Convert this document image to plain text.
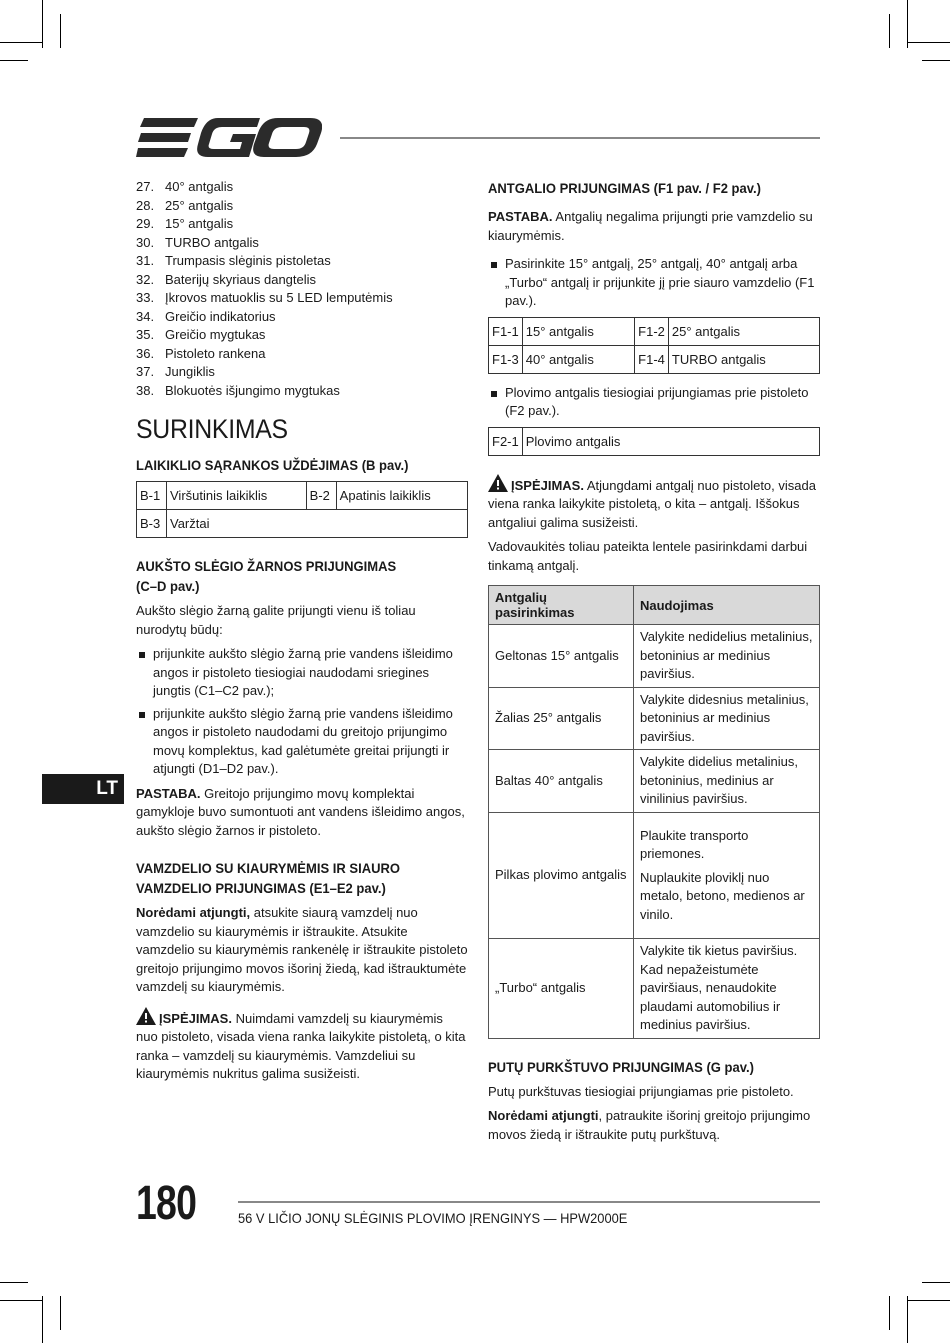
27. 40° antgalis
28. 25° antgalis
29. 15° antgalis
30. TURBO antgalis
31. Trumpasis slėginis pistoletas
32. Baterijų skyriaus dangtelis
33. Įkrovos matuoklis su 5 LED lemputėmis
34. Greičio indikatorius
35. Greičio mygtukas
36. Pistoleto rankena
37. Jungiklis
38. Blokuotės išjungimo mygtukas
SURINKIMAS
LAIKIKLIO SĄRANKOS UŽDĖJIMAS (B pav.)
B-1	Viršutinis laikiklis	B-2	Apatinis laikiklis
B-3	Varžtai		
AUKŠTO SLĖGIO ŽARNOS PRIJUNGIMAS
(C–D pav.)

Aukšto slėgio žarną galite prijungti vienu iš toliau nurodytų būdų:

prijunkite aukšto slėgio žarną prie vandens išleidimo angos ir pistoleto tiesiogiai naudodami sriegines jungtis (C1–C2 pav.);
prijunkite aukšto slėgio žarną prie vandens išleidimo angos ir pistoleto naudodami du greitojo prijungimo movų komplektus, kad galėtumėte greitai prijungti ir atjungti (D1–D2 pav.).

PASTABA. Greitojo prijungimo movų komplektai gamykloje buvo sumontuoti ant vandens išleidimo angos, aukšto slėgio žarnos ir pistoleto.

VAMZDELIO SU KIAURYMĖMIS IR SIAURO
VAMZDELIO PRIJUNGIMAS (E1–E2 pav.)

Norėdami atjungti, atsukite siaurą vamzdelį nuo vamzdelio su kiaurymėmis ir ištraukite. Atsukite vamzdelio su kiaurymėmis rankenėlę ir ištraukite pistoleto greitojo prijungimo movos išorinį žiedą, kad ištrauktumėte vamzdelį su kiaurymėmis.

ĮSPĖJIMAS. Nuimdami vamzdelį su kiaurymėmis nuo pistoleto, visada viena ranka laikykite pistoletą, o kita ranka – vamzdelį su kiaurymėmis. Vamzdeliui su kiaurymėmis nukritus galima susižeisti.

ANTGALIO PRIJUNGIMAS (F1 pav. / F2 pav.)

PASTABA. Antgalių negalima prijungti prie vamzdelio su kiaurymėmis.

Pasirinkite 15° antgalį, 25° antgalį, 40° antgalį arba „Turbo“ antgalį ir prijunkite jį prie siauro vamzdelio (F1 pav.).
F1-1	15° antgalis	F1-2	25° antgalis
F1-3	40° antgalis	F1-4	TURBO antgalis
Plovimo antgalis tiesiogiai prijungiamas prie pistoleto (F2 pav.).
F2-1	Plovimo antgalis

ĮSPĖJIMAS. Atjungdami antgalį nuo pistoleto, visada viena ranka laikykite pistoletą, o kita – antgalį. Iššokus antgaliui galima susižeisti.

Vadovaukitės toliau pateikta lentele pasirinkdami darbui tinkamą antgalį.

Antgalių pasirinkimas	Naudojimas
Geltonas 15° antgalis	Valykite nedidelius metalinius, betoninius ar medinius paviršius.
Žalias 25° antgalis	Valykite didesnius metalinius, betoninius ar medinius paviršius.
Baltas 40° antgalis	Valykite didelius metalinius, betoninius, medinius ar vinilinius paviršius.
Pilkas plovimo antgalis	Plaukite transporto priemones.
Nuplaukite ploviklį nuo metalo, betono, medienos ar vinilo.

„Turbo“ antgalis	Valykite tik kietus paviršius. Kad nepažeistumėte paviršiaus, nenaudokite plaudami automobilius ir medinius paviršius.
PUTŲ PURKŠTUVO PRIJUNGIMAS (G pav.)

Putų purkštuvas tiesiogiai prijungiamas prie pistoleto.

Norėdami atjungti, patraukite išorinį greitojo prijungimo movos žiedą ir ištraukite putų purkštuvą.

LT
180	56 V LIČIO JONŲ SLĖGINIS PLOVIMO ĮRENGINYS — HPW2000E
